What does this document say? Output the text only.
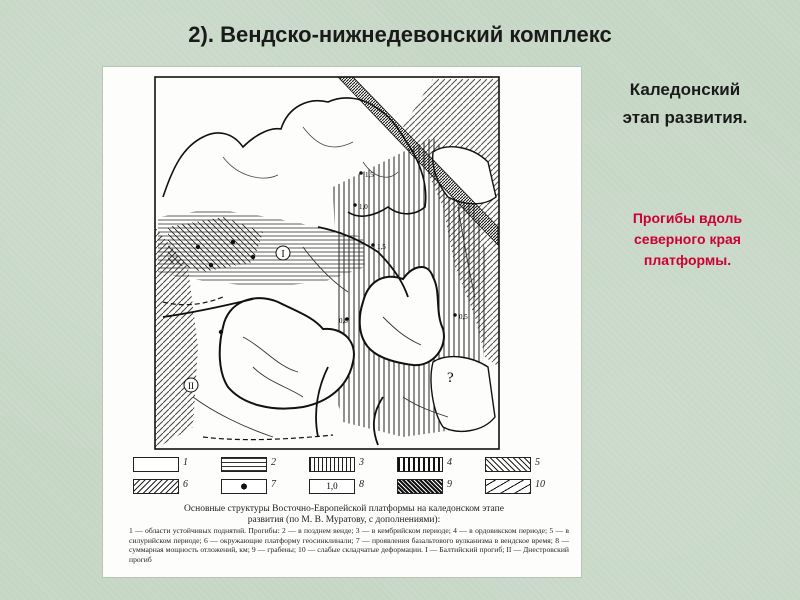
2). Вендско-нижнедевонский комплекс
I
II	?
1,5
1,0
1,5
0,8	0,5
1	2	3	4	5
6	7	1,0	8	9	10

Основные структуры Восточно-Европейской платформы на каледонском этапе
развития (по М. В. Муратову, с дополнениями):

1 — области устойчивых поднятий. Прогибы: 2 — в позднем венде; 3 — в кембрийском периоде; 4 — в ордовикском периоде; 5 — в силурийском периоде; 6 — окружающие платформу геосинклинали; 7 — проявления базальтового вулканизма в вендское время; 8 — суммарная мощность отложений, км; 9 — грабены; 10 — слабые складчатые деформации. I — Балтийский прогиб; II — Днестровский прогиб

Каледонский
этап развития.
Прогибы вдоль
северного края
платформы.
